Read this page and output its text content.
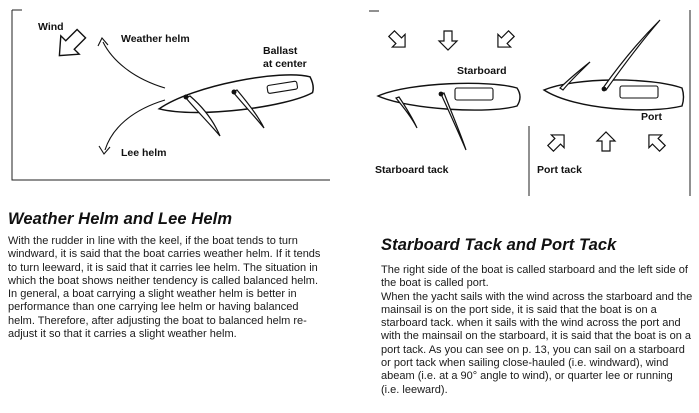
Wind
Weather helm
Ballast
at center
Lee helm
Starboard
Port
Starboard tack	Port tack
Weather Helm and Lee Helm

With the rudder in line with the keel, if the boat tends to turn windward, it is said that the boat carries weather helm. If it tends to turn leeward, it is said that it carries lee helm. The situation in which the boat shows neither tendency is called balanced helm.

In general, a boat carrying a slight weather helm is better in performance than one carrying lee helm or having balanced helm. Therefore, after adjusting the boat to balanced helm re-adjust it so that it carries a slight weather helm.

Starboard Tack and Port Tack

The right side of the boat is called starboard and the left side of the boat is called port.

When the yacht sails with the wind across the starboard and the mainsail is on the port side, it is said that the boat is on a starboard tack. when it sails with the wind across the port and with the mainsail on the starboard, it is said that the boat is on a port tack. As you can see on p. 13, you can sail on a starboard or port tack when sailing close-hauled (i.e. windward), wind abeam (i.e. at a 90° angle to wind), or quarter lee or running (i.e. leeward).
